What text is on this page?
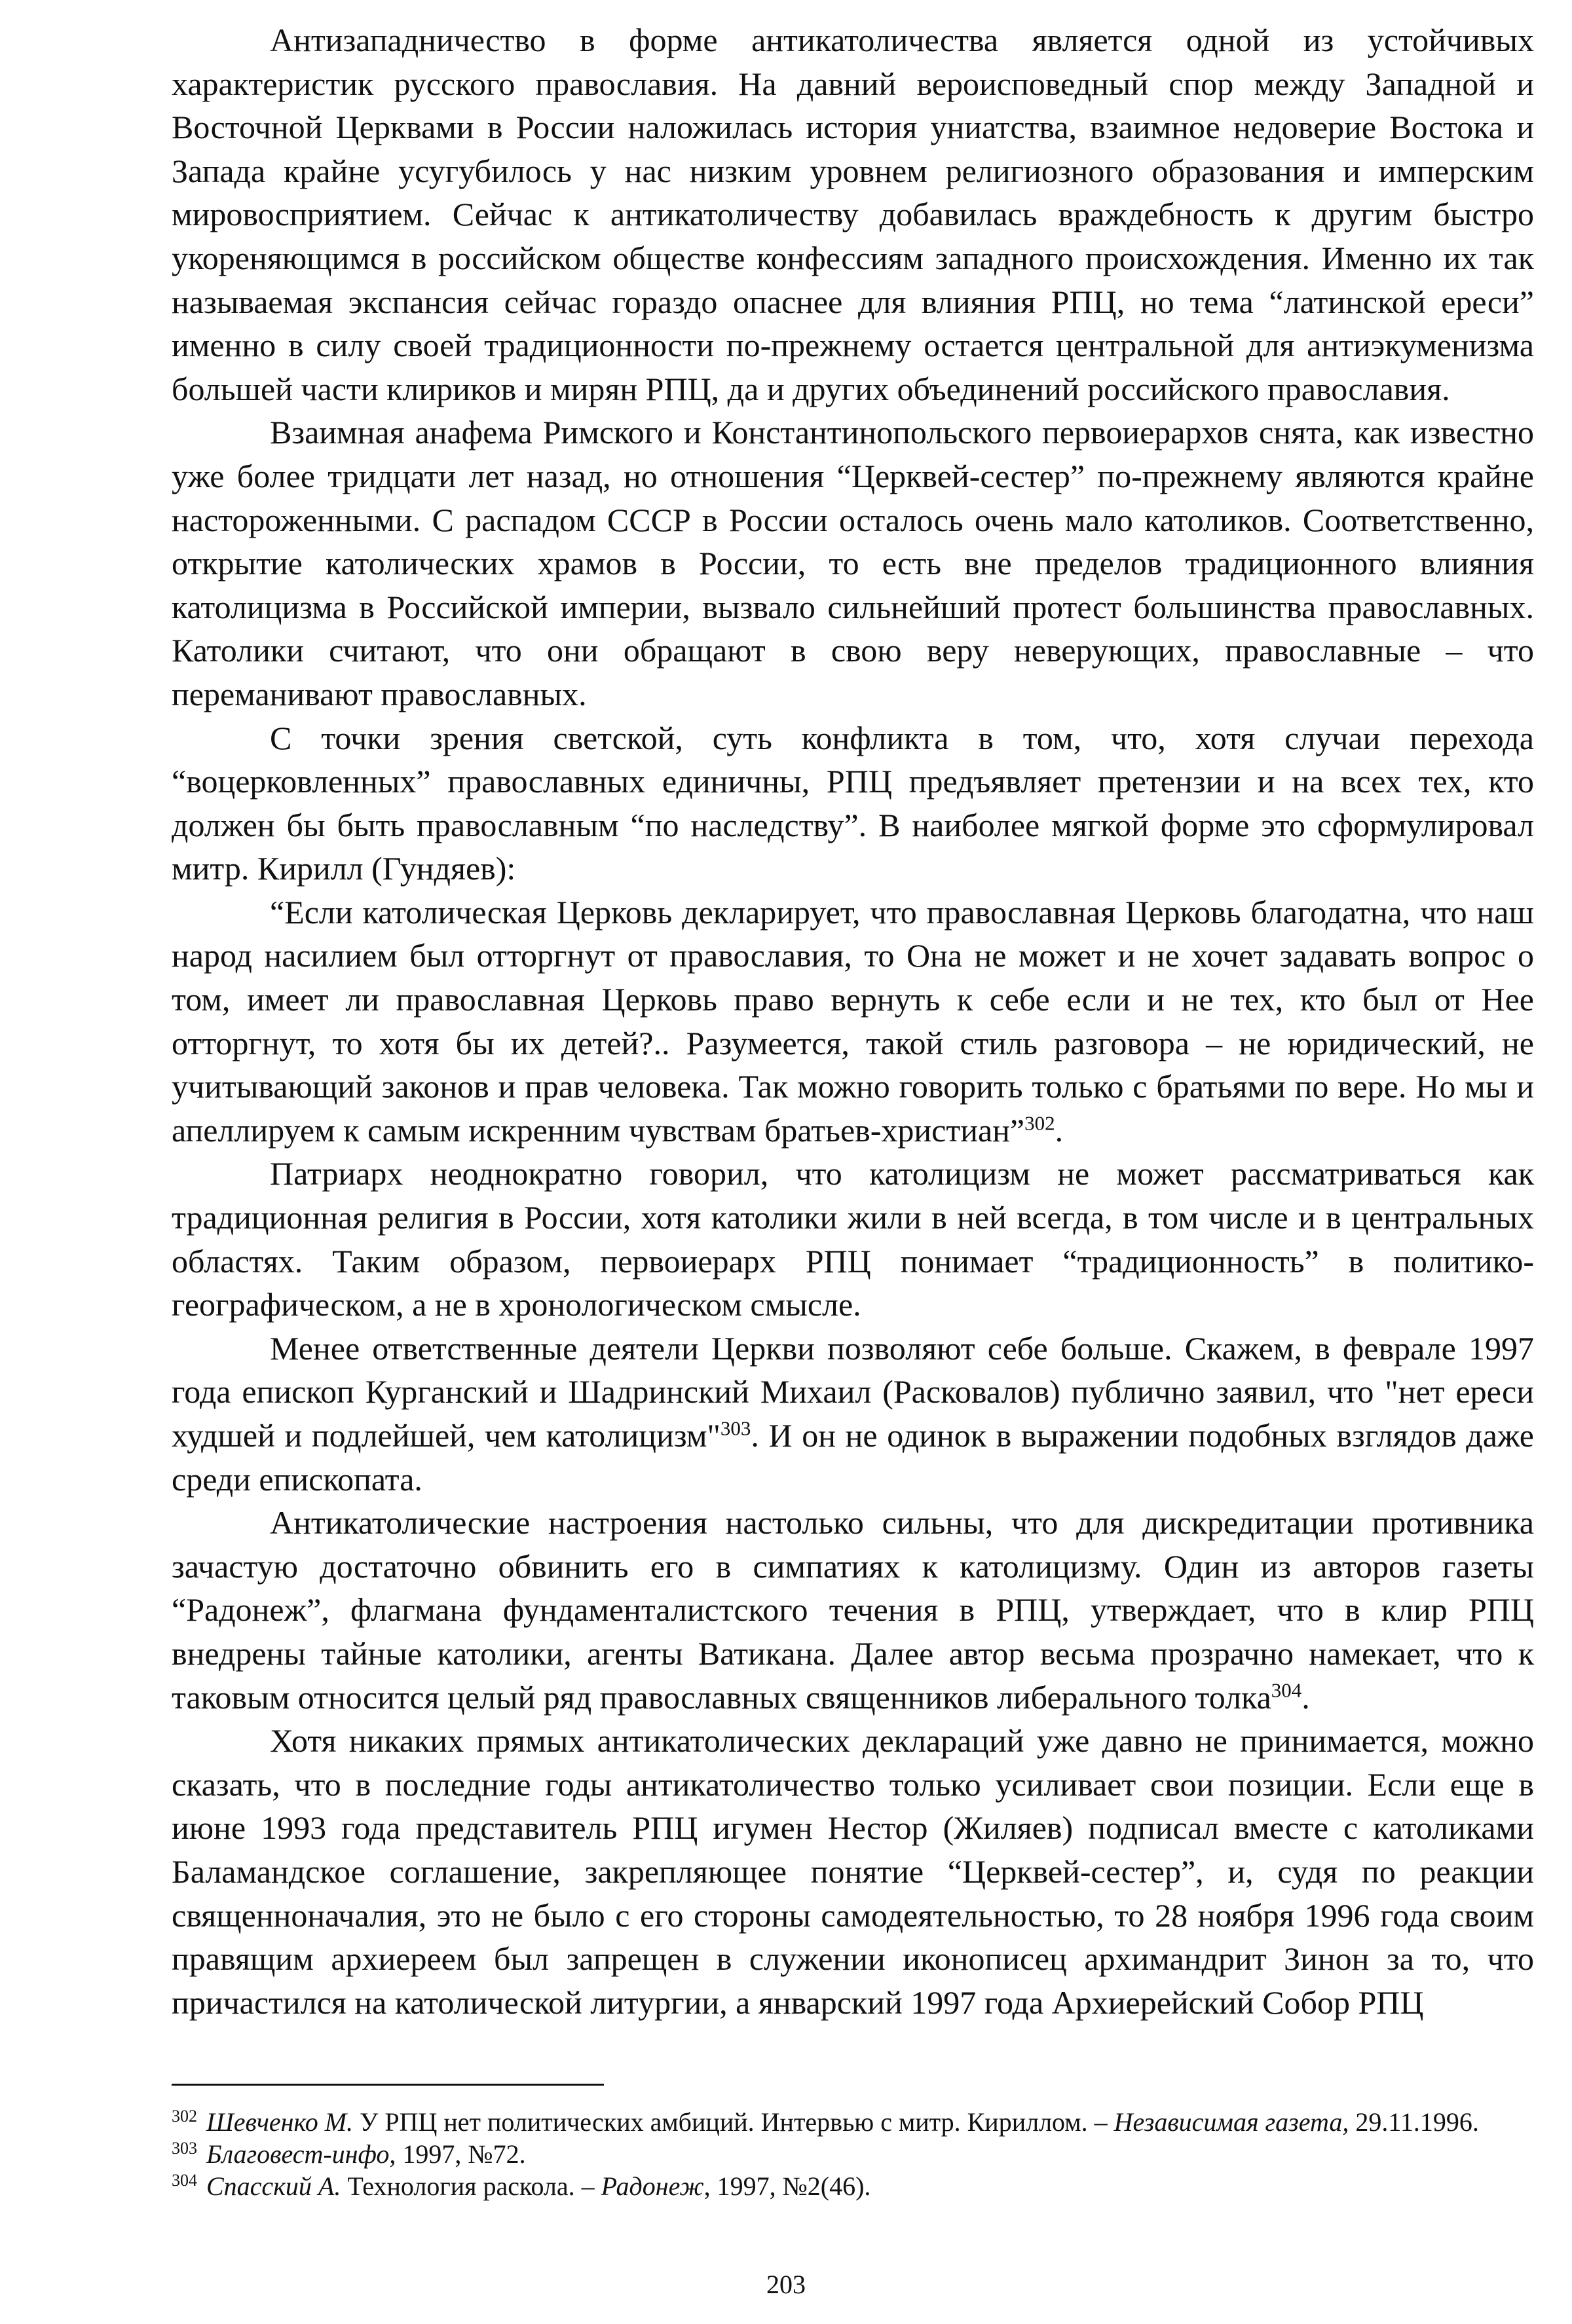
Антизападничество в форме антикатоличества является одной из устойчивых характеристик русского православия. На давний вероисповедный спор между Западной и Восточной Церквами в России наложилась история униатства, взаимное недоверие Востока и Запада крайне усугубилось у нас низким уровнем религиозного образования и имперским мировосприятием. Сейчас к антикатоличеству добавилась враждебность к другим быстро укореняющимся в российском обществе конфессиям западного происхождения. Именно их так называемая экспансия сейчас гораздо опаснее для влияния РПЦ, но тема “латинской ереси” именно в силу своей традиционности по-прежнему остается центральной для антиэкуменизма большей части клириков и мирян РПЦ, да и других объединений российского православия.

Взаимная анафема Римского и Константинопольского первоиерархов снята, как известно уже более тридцати лет назад, но отношения “Церквей-сестер” по-прежнему являются крайне настороженными. С распадом СССР в России осталось очень мало католиков. Соответственно, открытие католических храмов в России, то есть вне пределов традиционного влияния католицизма в Российской империи, вызвало сильнейший протест большинства православных. Католики считают, что они обращают в свою веру неверующих, православные – что переманивают православных.

С точки зрения светской, суть конфликта в том, что, хотя случаи перехода “воцерковленных” православных единичны, РПЦ предъявляет претензии и на всех тех, кто должен бы быть православным “по наследству”. В наиболее мягкой форме это сформулировал митр. Кирилл (Гундяев):

“Если католическая Церковь декларирует, что православная Церковь благодатна, что наш народ насилием был отторгнут от православия, то Она не может и не хочет задавать вопрос о том, имеет ли православная Церковь право вернуть к себе если и не тех, кто был от Нее отторгнут, то хотя бы их детей?.. Разумеется, такой стиль разговора – не юридический, не учитывающий законов и прав человека. Так можно говорить только с братьями по вере. Но мы и апеллируем к самым искренним чувствам братьев-христиан”$^{302}$.

Патриарх неоднократно говорил, что католицизм не может рассматриваться как традиционная религия в России, хотя католики жили в ней всегда, в том числе и в центральных областях. Таким образом, первоиерарх РПЦ понимает “традиционность” в политико-географическом, а не в хронологическом смысле.

Менее ответственные деятели Церкви позволяют себе больше. Скажем, в феврале 1997 года епископ Курганский и Шадринский Михаил (Расковалов) публично заявил, что "нет ереси худшей и подлейшей, чем католицизм"$^{303}$. И он не одинок в выражении подобных взглядов даже среди епископата.

Антикатолические настроения настолько сильны, что для дискредитации противника зачастую достаточно обвинить его в симпатиях к католицизму. Один из авторов газеты “Радонеж”, флагмана фундаменталистского течения в РПЦ, утверждает, что в клир РПЦ внедрены тайные католики, агенты Ватикана. Далее автор весьма прозрачно намекает, что к таковым относится целый ряд православных священников либерального толка$^{304}$.

Хотя никаких прямых антикатолических деклараций уже давно не принимается, можно сказать, что в последние годы антикатоличество только усиливает свои позиции. Если еще в июне 1993 года представитель РПЦ игумен Нестор (Жиляев) подписал вместе с католиками Баламандское соглашение, закрепляющее понятие “Церквей-сестер”, и, судя по реакции священноначалия, это не было с его стороны самодеятельностью, то 28 ноября 1996 года своим правящим архиереем был запрещен в служении иконописец архимандрит Зинон за то, что причастился на католической литургии, а январский 1997 года Архиерейский Собор РПЦ

$^{302}$ Шевченко М. У РПЦ нет политических амбиций. Интервью с митр. Кириллом. – Независимая газета, 29.11.1996.

$^{303}$ Благовест-инфо, 1997, №72.

$^{304}$ Спасский А. Технология раскола. – Радонеж, 1997, №2(46).

203
